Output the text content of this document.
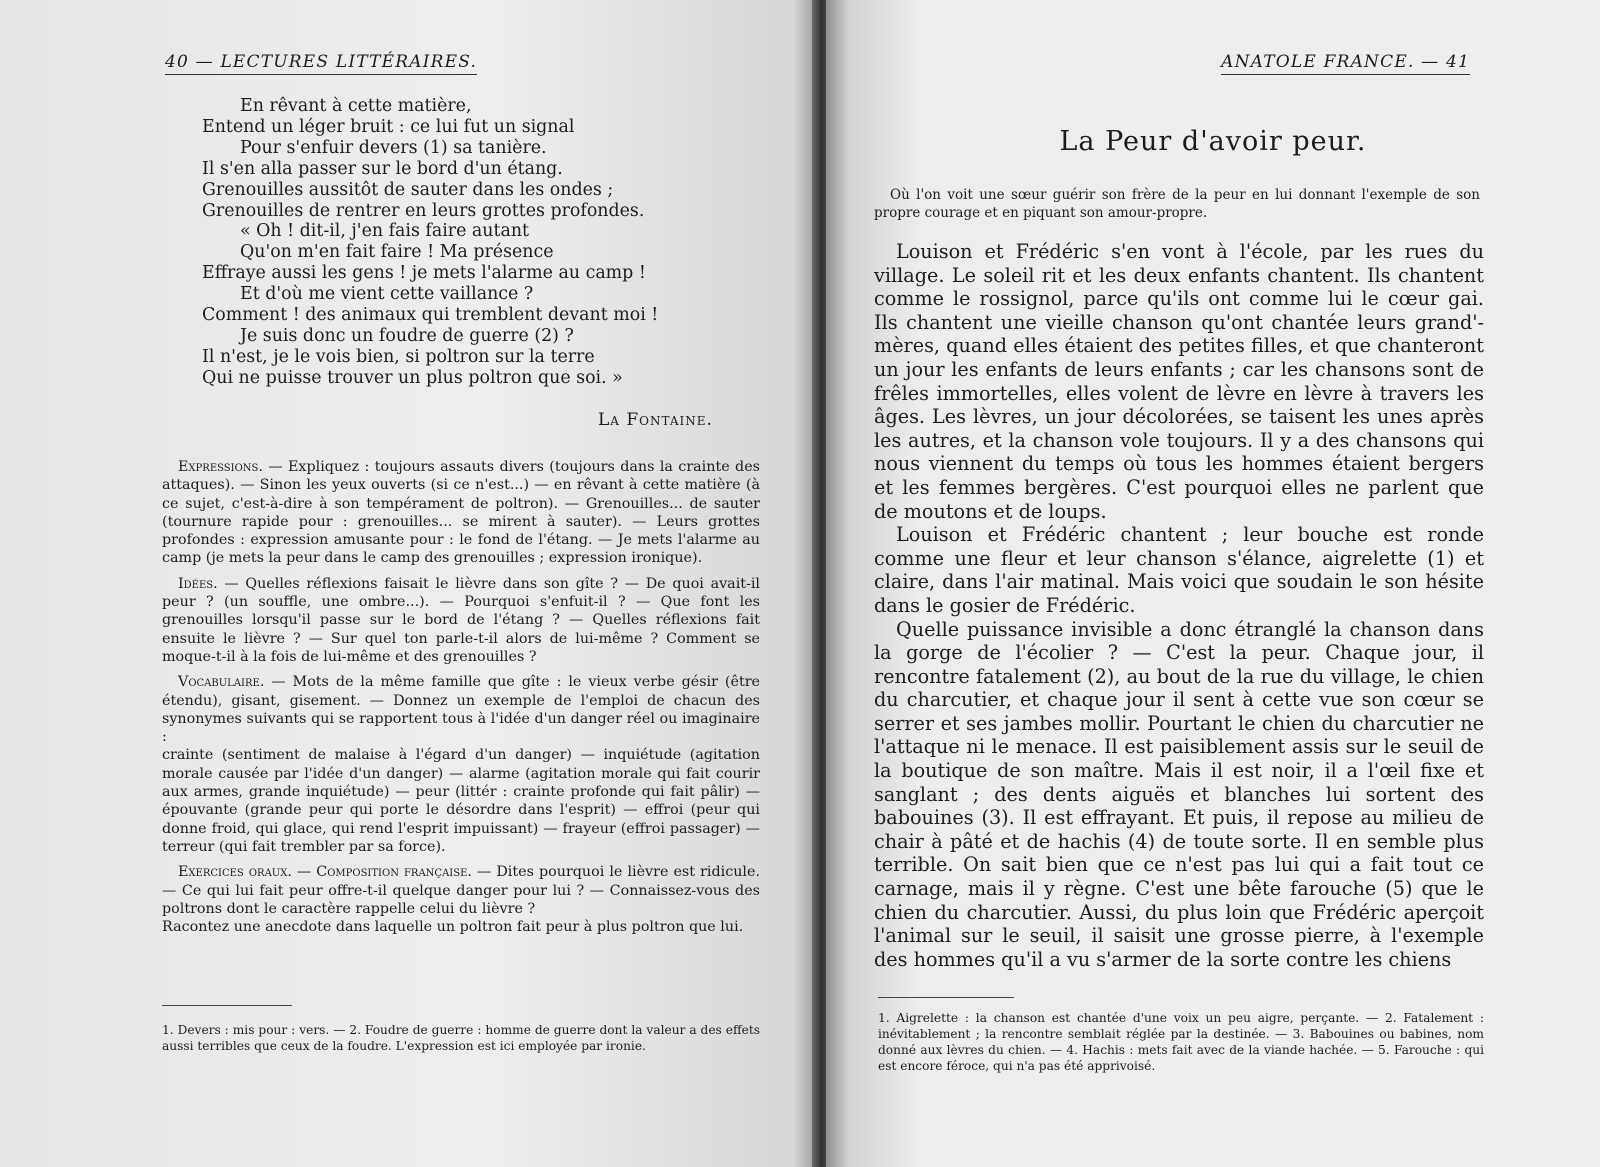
40 — LECTURES LITTÉRAIRES.
En rêvant à cette matière,
Entend un léger bruit : ce lui fut un signal
Pour s'enfuir devers (1) sa tanière.
Il s'en alla passer sur le bord d'un étang.
Grenouilles aussitôt de sauter dans les ondes ;
Grenouilles de rentrer en leurs grottes profondes.
« Oh ! dit-il, j'en fais faire autant
Qu'on m'en fait faire ! Ma présence
Effraye aussi les gens ! je mets l'alarme au camp !
Et d'où me vient cette vaillance ?
Comment ! des animaux qui tremblent devant moi !
Je suis donc un foudre de guerre (2) ?
Il n'est, je le vois bien, si poltron sur la terre
Qui ne puisse trouver un plus poltron que soi. »
La Fontaine.

Expressions. — Expliquez : toujours assauts divers (toujours dans la crainte des attaques). — Sinon les yeux ouverts (si ce n'est...) — en rêvant à cette matière (à ce sujet, c'est-à-dire à son tempérament de poltron). — Grenouilles... de sauter (tournure rapide pour : grenouilles... se mirent à sauter). — Leurs grottes profondes : expression amusante pour : le fond de l'étang. — Je mets l'alarme au camp (je mets la peur dans le camp des grenouilles ; expression ironique).

Idées. — Quelles réflexions faisait le lièvre dans son gîte ? — De quoi avait-il peur ? (un souffle, une ombre...). — Pourquoi s'enfuit-il ? — Que font les grenouilles lorsqu'il passe sur le bord de l'étang ? — Quelles réflexions fait ensuite le lièvre ? — Sur quel ton parle-t-il alors de lui-même ? Comment se moque-t-il à la fois de lui-même et des grenouilles ?

Vocabulaire. — Mots de la même famille que gîte : le vieux verbe gésir (être étendu), gisant, gisement. — Donnez un exemple de l'emploi de chacun des synonymes suivants qui se rapportent tous à l'idée d'un danger réel ou imaginaire :
crainte (sentiment de malaise à l'égard d'un danger) — inquiétude (agitation morale causée par l'idée d'un danger) — alarme (agitation morale qui fait courir aux armes, grande inquiétude) — peur (littér : crainte profonde qui fait pâlir) — épouvante (grande peur qui porte le désordre dans l'esprit) — effroi (peur qui donne froid, qui glace, qui rend l'esprit impuissant) — frayeur (effroi passager) — terreur (qui fait trembler par sa force).

Exercices oraux. — Composition française. — Dites pourquoi le lièvre est ridicule. — Ce qui lui fait peur offre-t-il quelque danger pour lui ? — Connaissez-vous des poltrons dont le caractère rappelle celui du lièvre ?
Racontez une anecdote dans laquelle un poltron fait peur à plus poltron que lui.

1. Devers : mis pour : vers. — 2. Foudre de guerre : homme de guerre dont la valeur a des effets aussi terribles que ceux de la foudre. L'expression est ici employée par ironie.
ANATOLE FRANCE. — 41
La Peur d'avoir peur.
Où l'on voit une sœur guérir son frère de la peur en lui donnant l'exemple de son propre courage et en piquant son amour-propre.

Louison et Frédéric s'en vont à l'école, par les rues du village. Le soleil rit et les deux enfants chantent. Ils chantent comme le rossignol, parce qu'ils ont comme lui le cœur gai. Ils chantent une vieille chanson qu'ont chantée leurs grand'-mères, quand elles étaient des petites filles, et que chanteront un jour les enfants de leurs enfants ; car les chansons sont de frêles immortelles, elles volent de lèvre en lèvre à travers les âges. Les lèvres, un jour décolorées, se taisent les unes après les autres, et la chanson vole toujours. Il y a des chansons qui nous viennent du temps où tous les hommes étaient bergers et les femmes bergères. C'est pourquoi elles ne parlent que de moutons et de loups.

Louison et Frédéric chantent ; leur bouche est ronde comme une fleur et leur chanson s'élance, aigrelette (1) et claire, dans l'air matinal. Mais voici que soudain le son hésite dans le gosier de Frédéric.

Quelle puissance invisible a donc étranglé la chanson dans la gorge de l'écolier ? — C'est la peur. Chaque jour, il rencontre fatalement (2), au bout de la rue du village, le chien du charcutier, et chaque jour il sent à cette vue son cœur se serrer et ses jambes mollir. Pourtant le chien du charcutier ne l'attaque ni le menace. Il est paisiblement assis sur le seuil de la boutique de son maître. Mais il est noir, il a l'œil fixe et sanglant ; des dents aiguës et blanches lui sortent des babouines (3). Il est effrayant. Et puis, il repose au milieu de chair à pâté et de hachis (4) de toute sorte. Il en semble plus terrible. On sait bien que ce n'est pas lui qui a fait tout ce carnage, mais il y règne. C'est une bête farouche (5) que le chien du charcutier. Aussi, du plus loin que Frédéric aperçoit l'animal sur le seuil, il saisit une grosse pierre, à l'exemple des hommes qu'il a vu s'armer de la sorte contre les chiens

1. Aigrelette : la chanson est chantée d'une voix un peu aigre, perçante. — 2. Fatalement : inévitablement ; la rencontre semblait réglée par la destinée. — 3. Babouines ou babines, nom donné aux lèvres du chien. — 4. Hachis : mets fait avec de la viande hachée. — 5. Farouche : qui est encore féroce, qui n'a pas été apprivoisé.
